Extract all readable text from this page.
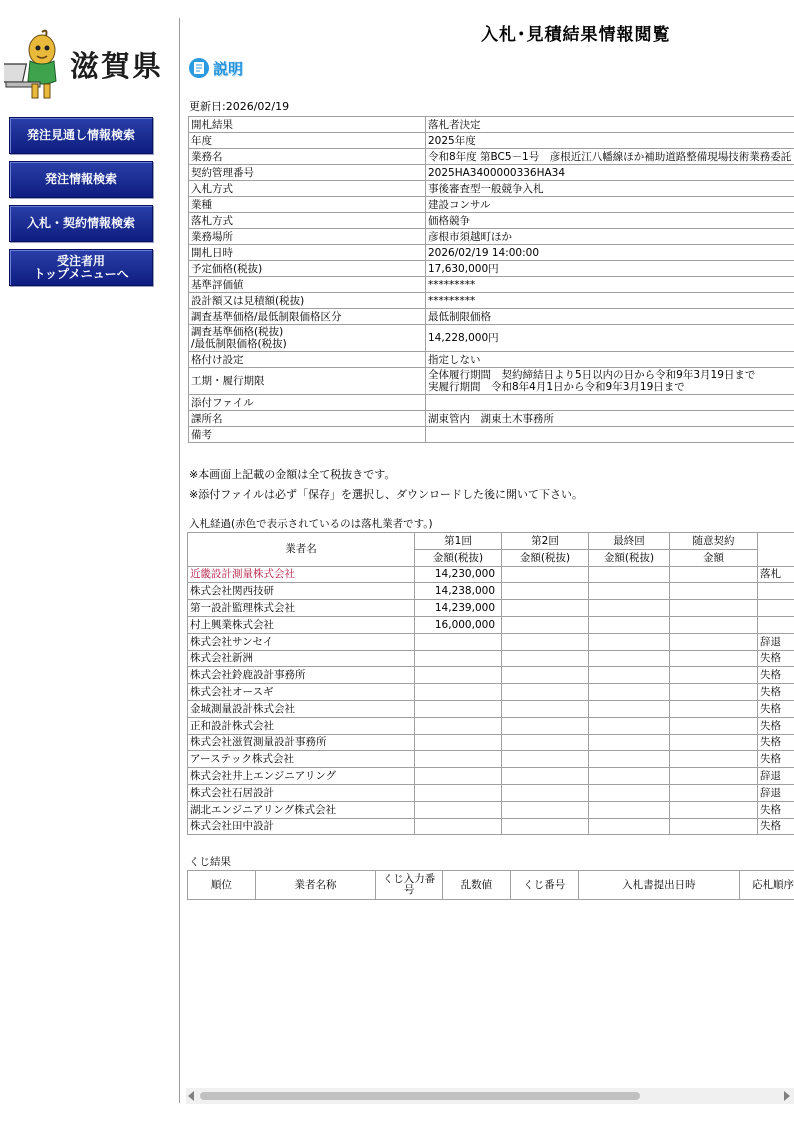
滋賀県
発注見通し情報検索
発注情報検索
入札・契約情報検索
受注者用
トップメニューへ
入札･見積結果情報閲覧
説明
更新日:2026/02/19
開札結果	落札者決定
年度	2025年度
業務名	令和8年度 第BC5－1号　彦根近江八幡線ほか補助道路整備現場技術業務委託
契約管理番号	2025HA3400000336HA34
入札方式	事後審査型一般競争入札
業種	建設コンサル
落札方式	価格競争
業務場所	彦根市須越町ほか
開札日時	2026/02/19 14:00:00
予定価格(税抜)	17,630,000円
基準評価値	*********
設計額又は見積額(税抜)	*********
調査基準価格/最低制限価格区分	最低制限価格

調査基準価格(税抜)
/最低制限価格(税抜)	14,228,000円

格付け設定	指定しない

工期・履行期限	全体履行期間　契約締結日より5日以内の日から令和9年3月19日まで
実履行期間　令和8年4月1日から令和9年3月19日まで

添付ファイル	
課所名	湖東管内　湖東土木事務所
備考	
※本画面上記載の金額は全て税抜きです。
※添付ファイルは必ず「保存」を選択し、ダウンロードした後に開いて下さい。
入札経過(赤色で表示されているのは落札業者です。)
業者名	第1回	第2回	最終回	随意契約	
	金額(税抜)	金額(税抜)	金額(税抜)	金額	
近畿設計測量株式会社	14,230,000				落札
株式会社関西技研	14,238,000				
第一設計監理株式会社	14,239,000				
村上興業株式会社	16,000,000				
株式会社サンセイ					辞退
株式会社新洲					失格
株式会社鈴鹿設計事務所					失格
株式会社オースギ					失格
金城測量設計株式会社					失格
正和設計株式会社					失格
株式会社滋賀測量設計事務所					失格
アーステック株式会社					失格
株式会社井上エンジニアリング					辞退
株式会社石居設計					辞退
湖北エンジニアリング株式会社					失格
株式会社田中設計					失格
くじ結果
順位	業者名称	くじ入力番号	乱数値	くじ番号	入札書提出日時	応札順序
